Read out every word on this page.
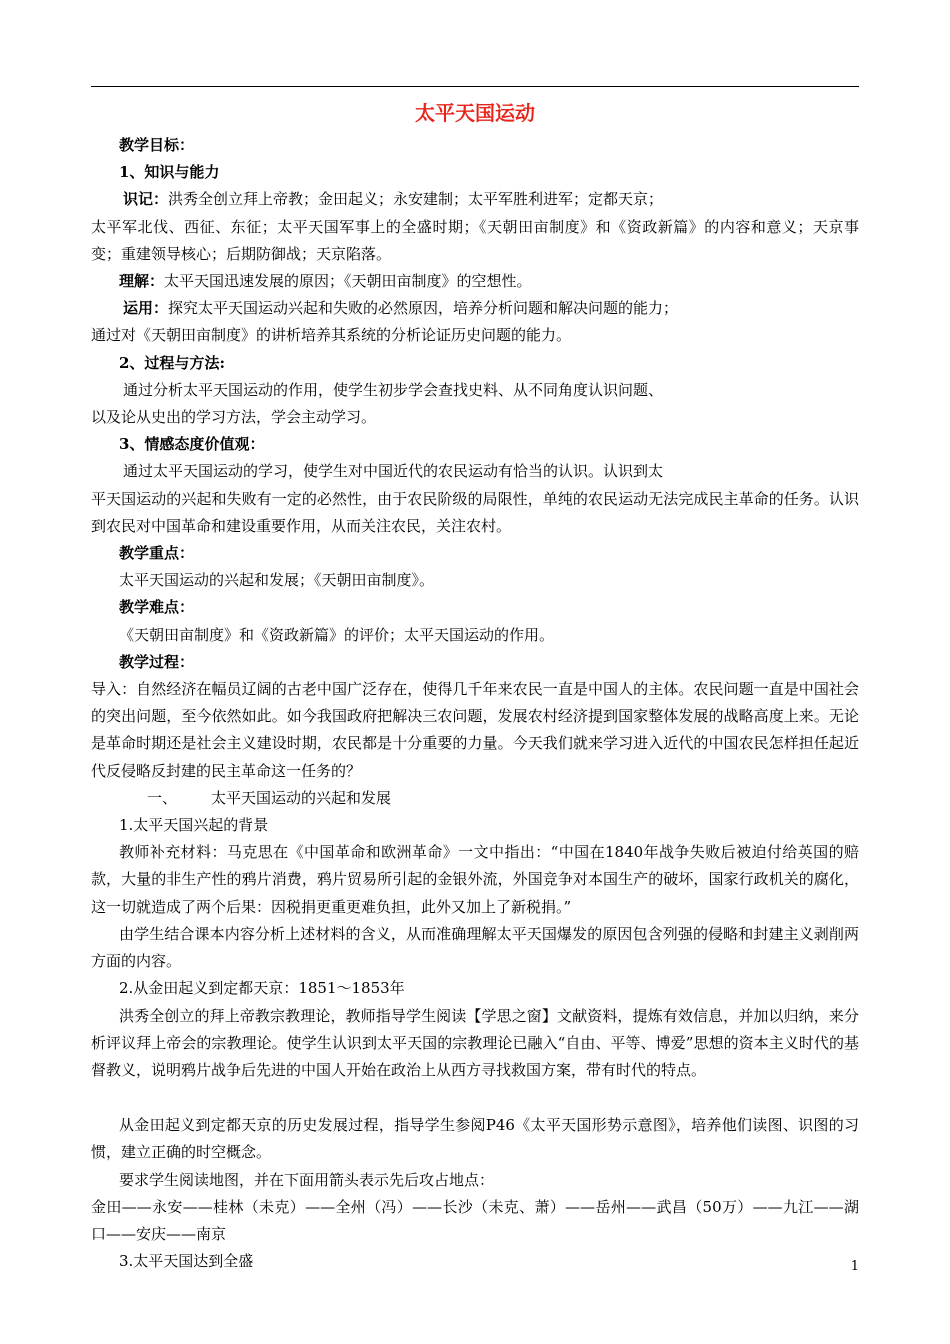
太平天国运动

教学目标：

1、知识与能力

识记：洪秀全创立拜上帝教；金田起义；永安建制；太平军胜利进军；定都天京；

太平军北伐、西征、东征；太平天国军事上的全盛时期；《天朝田亩制度》和《资政新篇》的内容和意义；天京事变；重建领导核心；后期防御战；天京陷落。

理解：太平天国迅速发展的原因；《天朝田亩制度》的空想性。

运用：探究太平天国运动兴起和失败的必然原因，培养分析问题和解决问题的能力；

通过对《天朝田亩制度》的讲析培养其系统的分析论证历史问题的能力。

2、过程与方法:

通过分析太平天国运动的作用，使学生初步学会查找史料、从不同角度认识问题、

以及论从史出的学习方法，学会主动学习。

3、情感态度价值观：

通过太平天国运动的学习，使学生对中国近代的农民运动有恰当的认识。认识到太

平天国运动的兴起和失败有一定的必然性，由于农民阶级的局限性，单纯的农民运动无法完成民主革命的任务。认识到农民对中国革命和建设重要作用，从而关注农民，关注农村。

教学重点：

太平天国运动的兴起和发展；《天朝田亩制度》。

教学难点：

《天朝田亩制度》和《资政新篇》的评价；太平天国运动的作用。

教学过程：

导入：自然经济在幅员辽阔的古老中国广泛存在，使得几千年来农民一直是中国人的主体。农民问题一直是中国社会的突出问题，至今依然如此。如今我国政府把解决三农问题，发展农村经济提到国家整体发展的战略高度上来。无论是革命时期还是社会主义建设时期，农民都是十分重要的力量。今天我们就来学习进入近代的中国农民怎样担任起近代反侵略反封建的民主革命这一任务的？

一、 太平天国运动的兴起和发展

1.太平天国兴起的背景

教师补充材料：马克思在《中国革命和欧洲革命》一文中指出：“中国在1840年战争失败后被迫付给英国的赔款，大量的非生产性的鸦片消费，鸦片贸易所引起的金银外流，外国竞争对本国生产的破坏，国家行政机关的腐化，这一切就造成了两个后果：因税捐更重更难负担，此外又加上了新税捐。”

由学生结合课本内容分析上述材料的含义，从而准确理解太平天国爆发的原因包含列强的侵略和封建主义剥削两方面的内容。

2.从金田起义到定都天京：1851～1853年

洪秀全创立的拜上帝教宗教理论，教师指导学生阅读【学思之窗】文献资料，提炼有效信息，并加以归纳，来分析评议拜上帝会的宗教理论。使学生认识到太平天国的宗教理论已融入“自由、平等、博爱”思想的资本主义时代的基督教义，说明鸦片战争后先进的中国人开始在政治上从西方寻找救国方案，带有时代的特点。

从金田起义到定都天京的历史发展过程，指导学生参阅P46《太平天国形势示意图》，培养他们读图、识图的习惯，建立正确的时空概念。

要求学生阅读地图，并在下面用箭头表示先后攻占地点：

金田——永安——桂林（未克）——全州（冯）——长沙（未克、萧）——岳州——武昌（50万）——九江——湖口——安庆——南京

3.太平天国达到全盛	1
